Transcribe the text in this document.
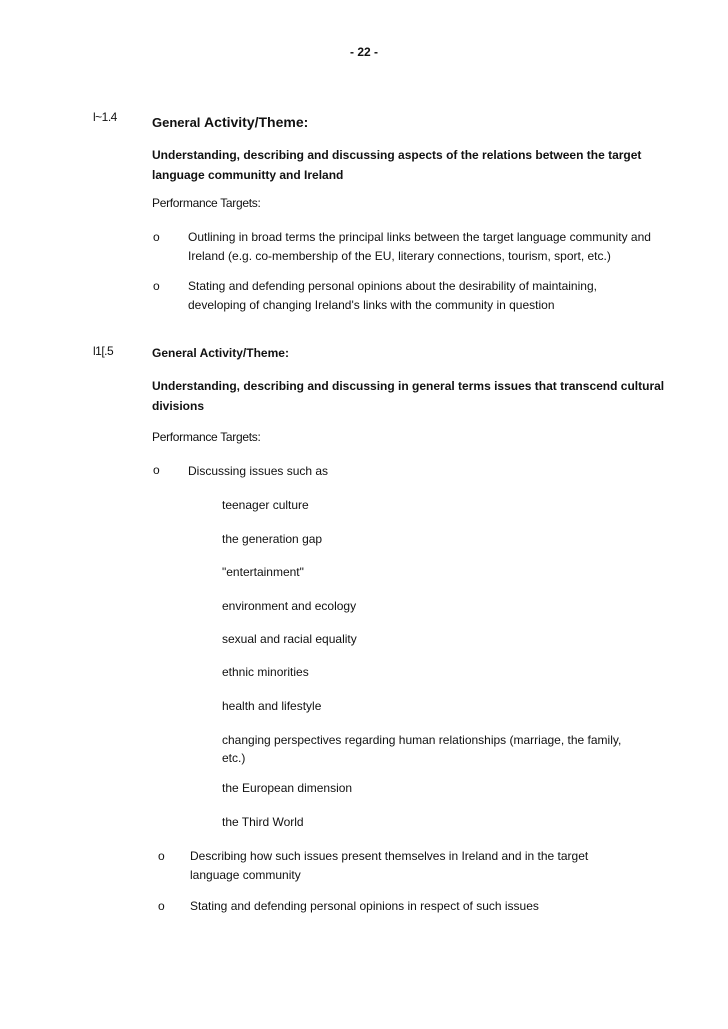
- 22 -
l~1.4	General Activity/Theme:
Understanding, describing and discussing aspects of the relations between the target language communitty and Ireland
Performance Targets:
o Outlining in broad terms the principal links between the target language community and Ireland (e.g. co-membership of the EU, literary connections, tourism, sport, etc.)
o Stating and defending personal opinions about the desirability of maintaining, developing of changing Ireland's links with the community in question
l1[.5	General Activity/Theme:
Understanding, describing and discussing in general terms issues that transcend cultural divisions
Performance Targets:
o Discussing issues such as
teenager culture
the generation gap
"entertainment"
environment and ecology
sexual and racial equality
ethnic minorities
health and lifestyle
changing perspectives regarding human relationships (marriage, the family, etc.)
the European dimension
the Third World
o Describing how such issues present themselves in Ireland and in the target language community
o Stating and defending personal opinions in respect of such issues
